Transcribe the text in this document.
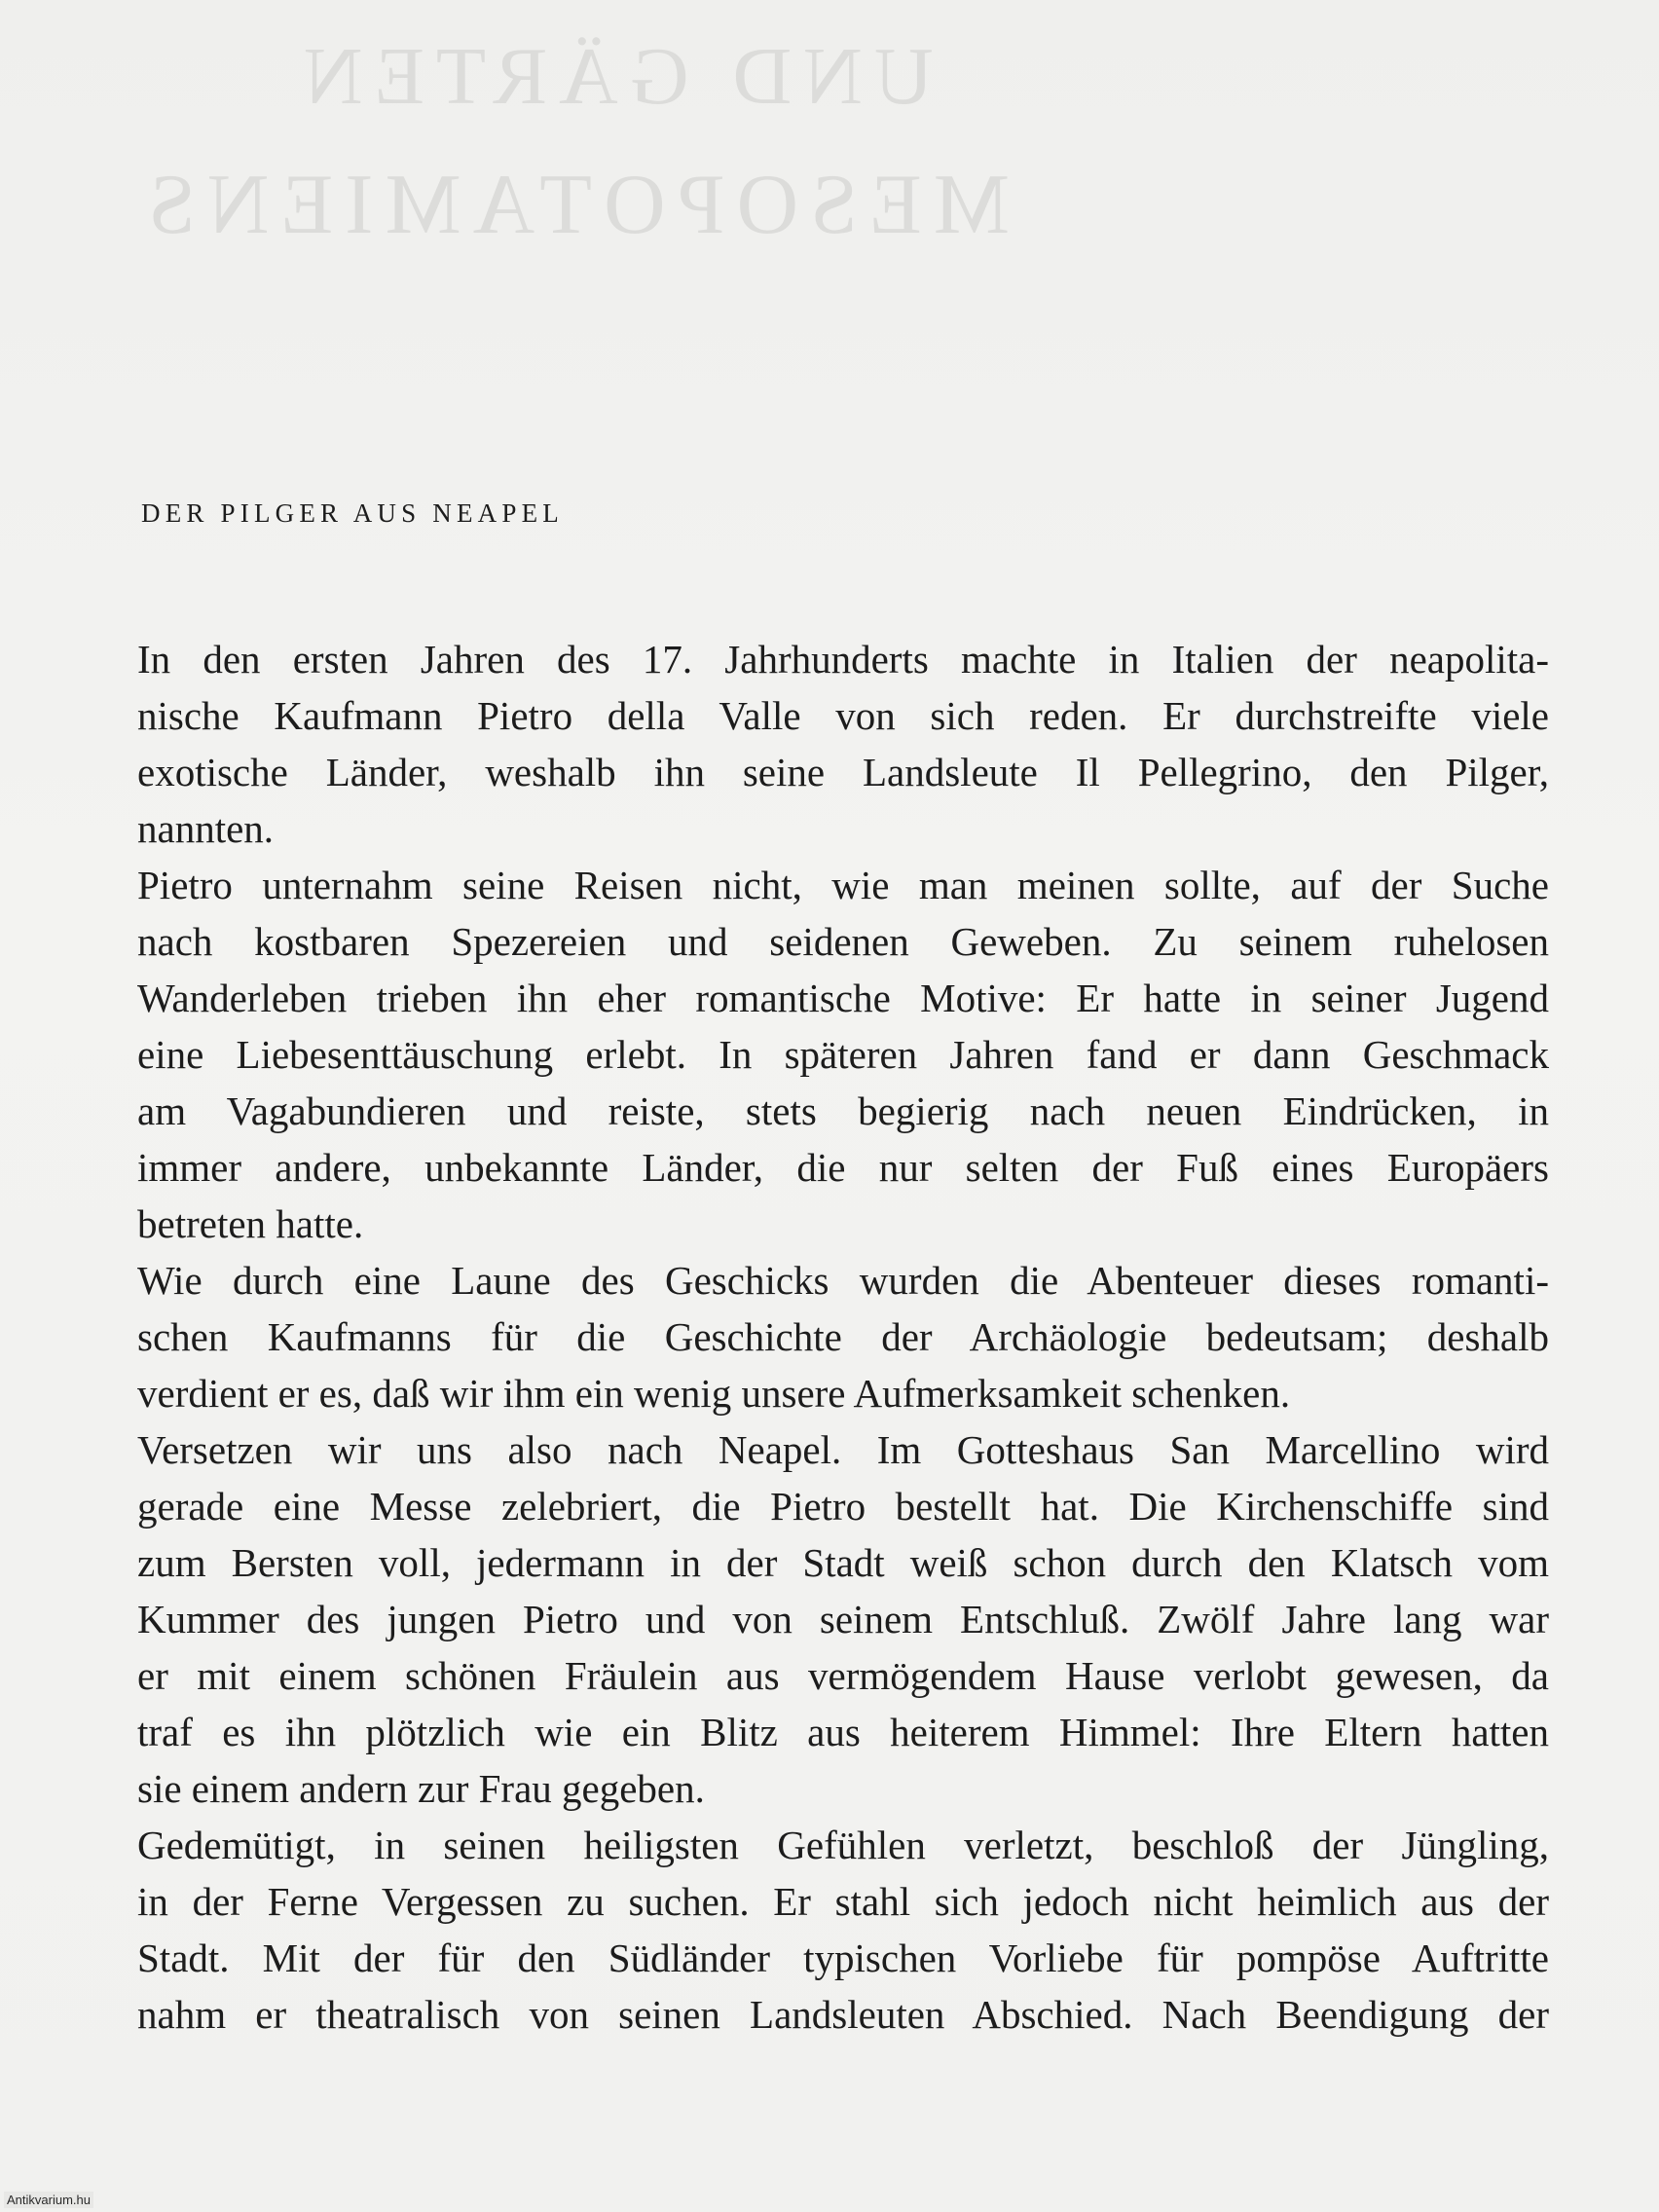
UND GÄRTEN
MESOPOTAMIENS
DER PILGER AUS NEAPEL
In den ersten Jahren des 17. Jahrhunderts machte in Italien der neapolita-
nische Kaufmann Pietro della Valle von sich reden. Er durchstreifte viele
exotische Länder, weshalb ihn seine Landsleute Il Pellegrino, den Pilger,
nannten.
Pietro unternahm seine Reisen nicht, wie man meinen sollte, auf der Suche
nach kostbaren Spezereien und seidenen Geweben. Zu seinem ruhelosen
Wanderleben trieben ihn eher romantische Motive: Er hatte in seiner Jugend
eine Liebesenttäuschung erlebt. In späteren Jahren fand er dann Geschmack
am Vagabundieren und reiste, stets begierig nach neuen Eindrücken, in
immer andere, unbekannte Länder, die nur selten der Fuß eines Europäers
betreten hatte.
Wie durch eine Laune des Geschicks wurden die Abenteuer dieses romanti-
schen Kaufmanns für die Geschichte der Archäologie bedeutsam; deshalb
verdient er es, daß wir ihm ein wenig unsere Aufmerksamkeit schenken.
Versetzen wir uns also nach Neapel. Im Gotteshaus San Marcellino wird
gerade eine Messe zelebriert, die Pietro bestellt hat. Die Kirchenschiffe sind
zum Bersten voll, jedermann in der Stadt weiß schon durch den Klatsch vom
Kummer des jungen Pietro und von seinem Entschluß. Zwölf Jahre lang war
er mit einem schönen Fräulein aus vermögendem Hause verlobt gewesen, da
traf es ihn plötzlich wie ein Blitz aus heiterem Himmel: Ihre Eltern hatten
sie einem andern zur Frau gegeben.
Gedemütigt, in seinen heiligsten Gefühlen verletzt, beschloß der Jüngling,
in der Ferne Vergessen zu suchen. Er stahl sich jedoch nicht heimlich aus der
Stadt. Mit der für den Südländer typischen Vorliebe für pompöse Auftritte
nahm er theatralisch von seinen Landsleuten Abschied. Nach Beendigung der
Antikvarium.hu
